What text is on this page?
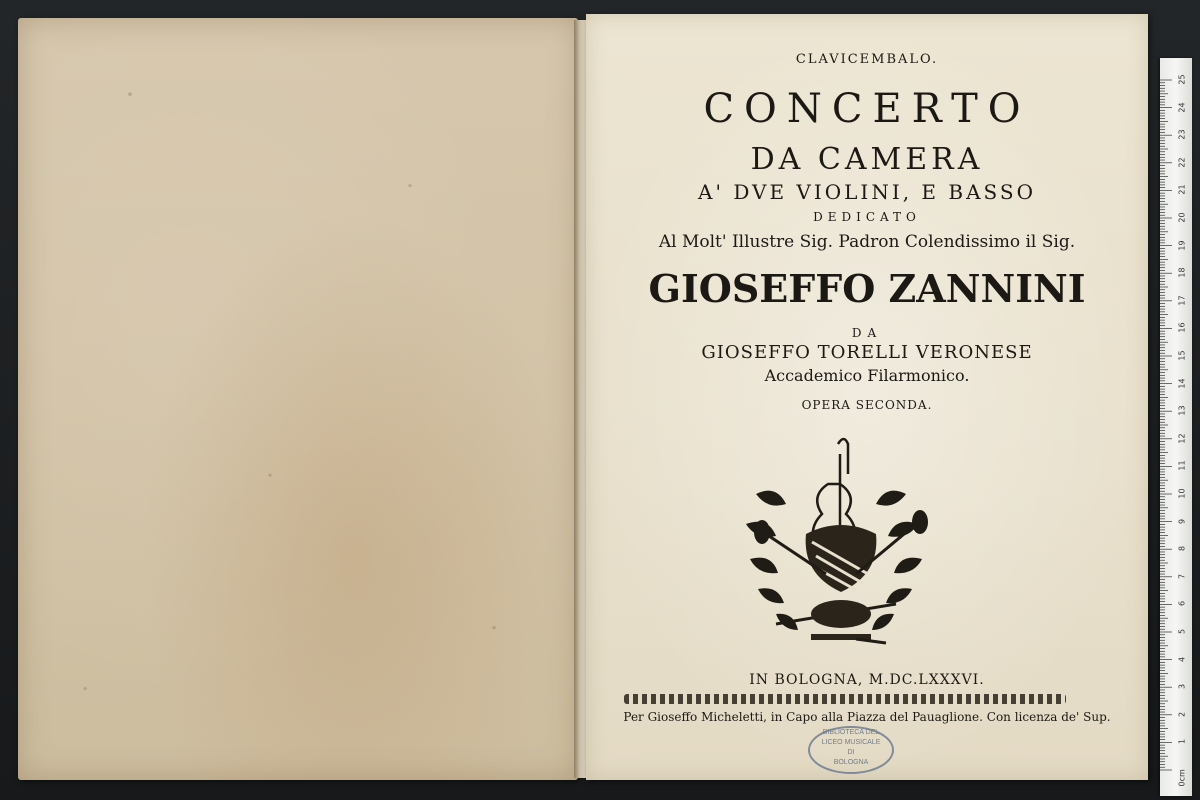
CLAVICEMBALO.
CONCERTO
DA CAMERA
A' DVE VIOLINI, E BASSO
DEDICATO
Al Molt' Illustre Sig. Padron Colendissimo il Sig.
GIOSEFFO ZANNINI
DA
GIOSEFFO TORELLI VERONESE
Accademico Filarmonico.
OPERA SECONDA.
IN BOLOGNA, M.DC.LXXXVI.
Per Gioseffo Micheletti, in Capo alla Piazza del Pauaglione. Con licenza de' Sup.
BIBLIOTECA DEL
LICEO MUSICALE
DI
BOLOGNA
1
2
3
4
5
6
7
8
9
10
11
12
13
14
15
16
17
18
19
20
21
22
23
24
25
0cm
